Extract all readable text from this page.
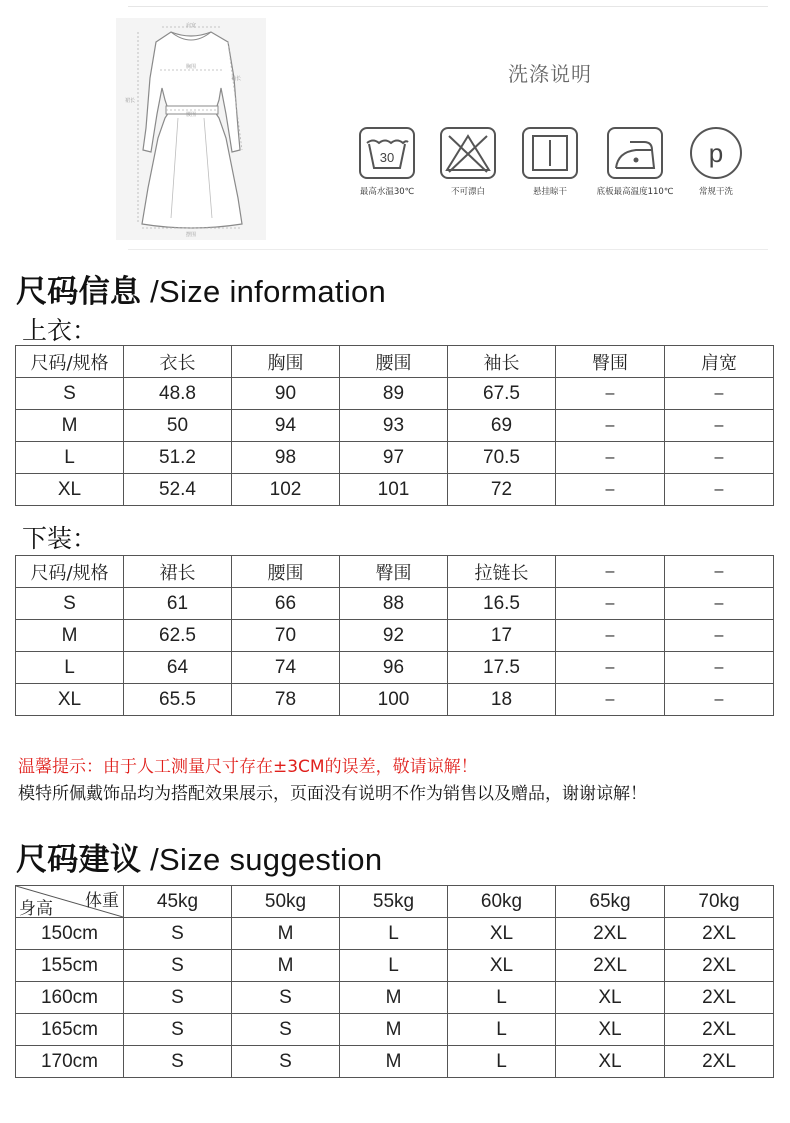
肩宽
胸围
袖长
裙长
腰围
摆围
洗涤说明
30
最高水温30℃	不可漂白	悬挂晾干	底板最高温度110℃
p
常规干洗
尺码信息 /Size information
上衣：
尺码/规格	衣长	胸围	腰围	袖长	臀围	肩宽
S	48.8	90	89	67.5	–	–
M	50	94	93	69	–	–
L	51.2	98	97	70.5	–	–
XL	52.4	102	101	72	–	–
下装：
尺码/规格	裙长	腰围	臀围	拉链长	–	–
S	61	66	88	16.5	–	–
M	62.5	70	92	17	–	–
L	64	74	96	17.5	–	–
XL	65.5	78	100	18	–	–
温馨提示：由于人工测量尺寸存在±3CM的误差，敬请谅解！
模特所佩戴饰品均为搭配效果展示，页面没有说明不作为销售以及赠品，谢谢谅解！
尺码建议 /Size suggestion
体重
身高	45kg	50kg	55kg	60kg	65kg	70kg
150cm	S	M	L	XL	2XL	2XL
155cm	S	M	L	XL	2XL	2XL
160cm	S	S	M	L	XL	2XL
165cm	S	S	M	L	XL	2XL
170cm	S	S	M	L	XL	2XL
